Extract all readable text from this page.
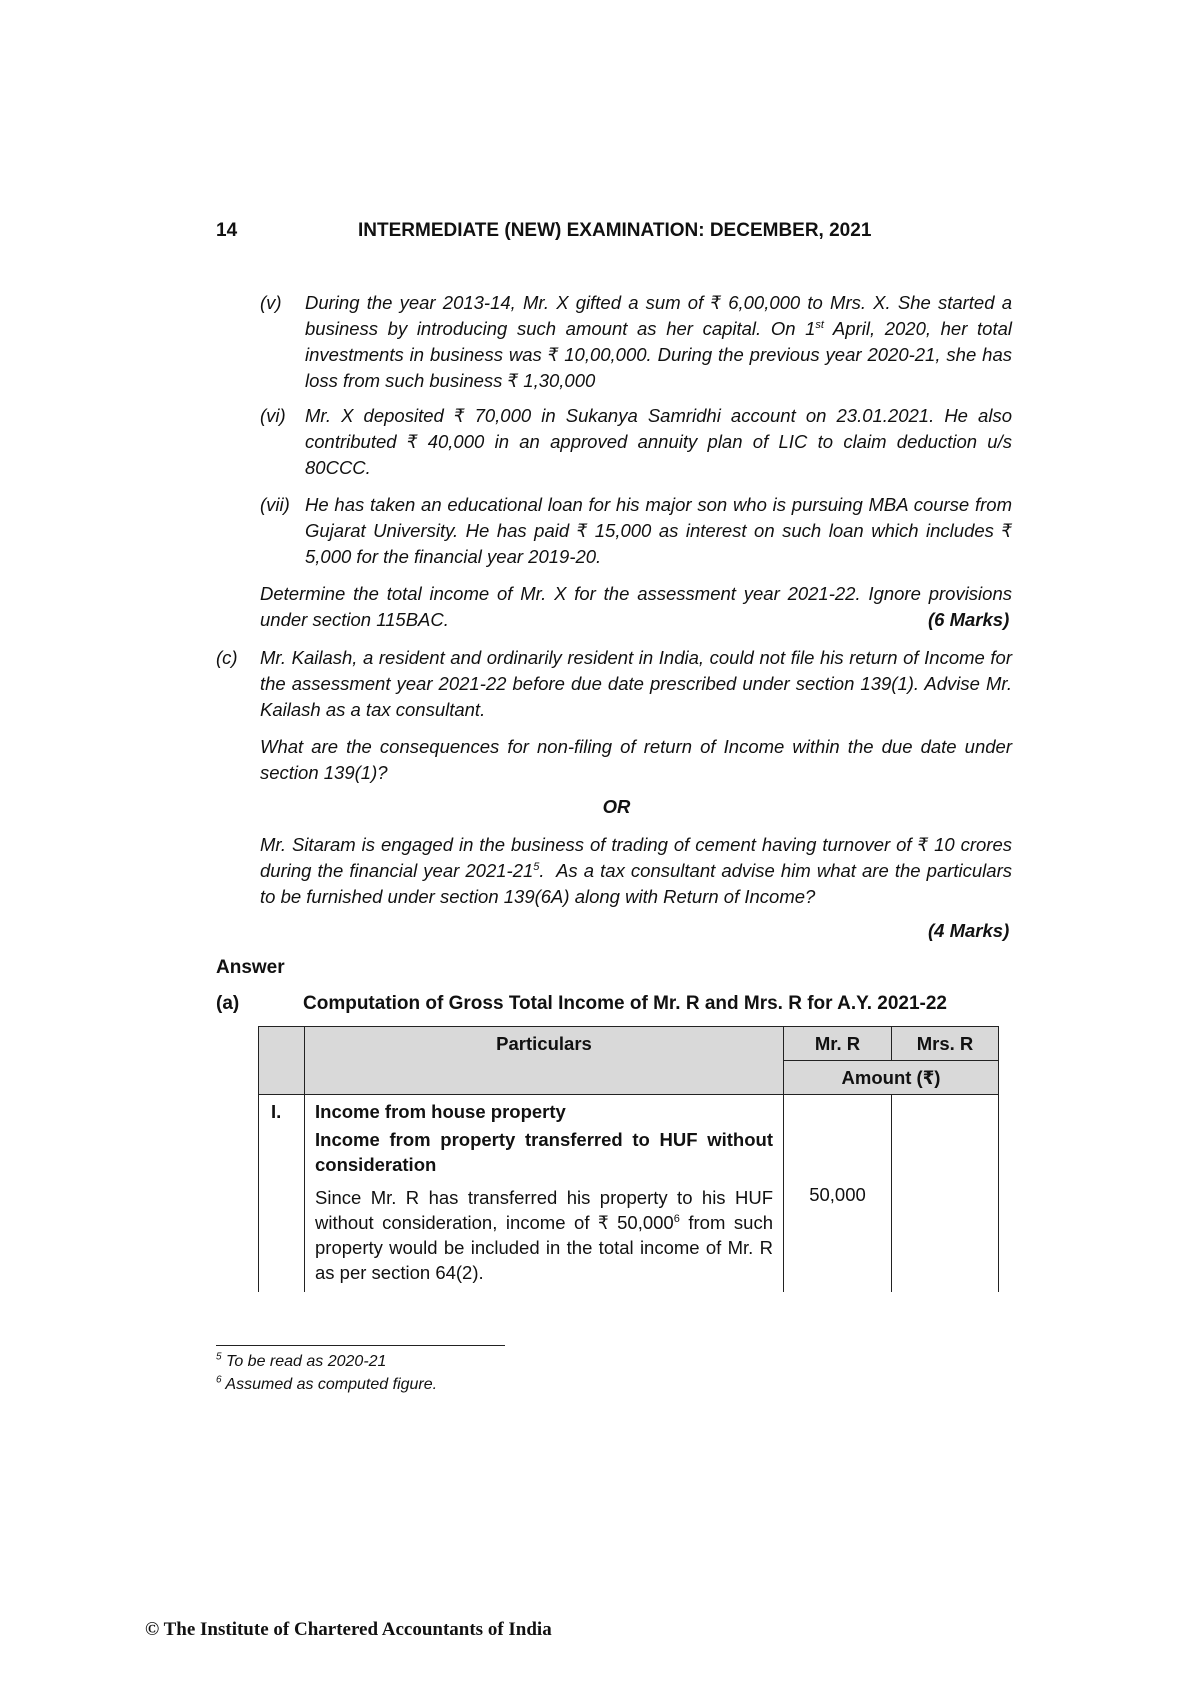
14	INTERMEDIATE (NEW) EXAMINATION: DECEMBER, 2021
(v) During the year 2013-14, Mr. X gifted a sum of ₹ 6,00,000 to Mrs. X. She started a business by introducing such amount as her capital. On 1st April, 2020, her total investments in business was ₹ 10,00,000. During the previous year 2020-21, she has loss from such business ₹ 1,30,000
(vi) Mr. X deposited ₹ 70,000 in Sukanya Samridhi account on 23.01.2021. He also contributed ₹ 40,000 in an approved annuity plan of LIC to claim deduction u/s 80CCC.
(vii) He has taken an educational loan for his major son who is pursuing MBA course from Gujarat University. He has paid ₹ 15,000 as interest on such loan which includes ₹ 5,000 for the financial year 2019-20.
Determine the total income of Mr. X for the assessment year 2021-22. Ignore provisions under section 115BAC.	(6 Marks)
(c) Mr. Kailash, a resident and ordinarily resident in India, could not file his return of Income for the assessment year 2021-22 before due date prescribed under section 139(1). Advise Mr. Kailash as a tax consultant.
What are the consequences for non-filing of return of Income within the due date under section 139(1)?
OR
Mr. Sitaram is engaged in the business of trading of cement having turnover of ₹ 10 crores during the financial year $2021-21^5$.  As a tax consultant advise him what are the particulars to be furnished under section 139(6A) along with Return of Income?
(4 Marks)
Answer
(a)	Computation of Gross Total Income of Mr. R and Mrs. R for A.Y. 2021-22
	Particulars	Mr. R	Mrs. R
		Amount (₹)	
I.	Income from house property
Income from property transferred to HUF without consideration
Since Mr. R has transferred his property to his HUF without consideration, income of ₹ 50,000$^6$ from such property would be included in the total income of Mr. R as per section 64(2).	50,000	
$^5$ To be read as 2020-21
$^6$ Assumed as computed figure.
© The Institute of Chartered Accountants of India
